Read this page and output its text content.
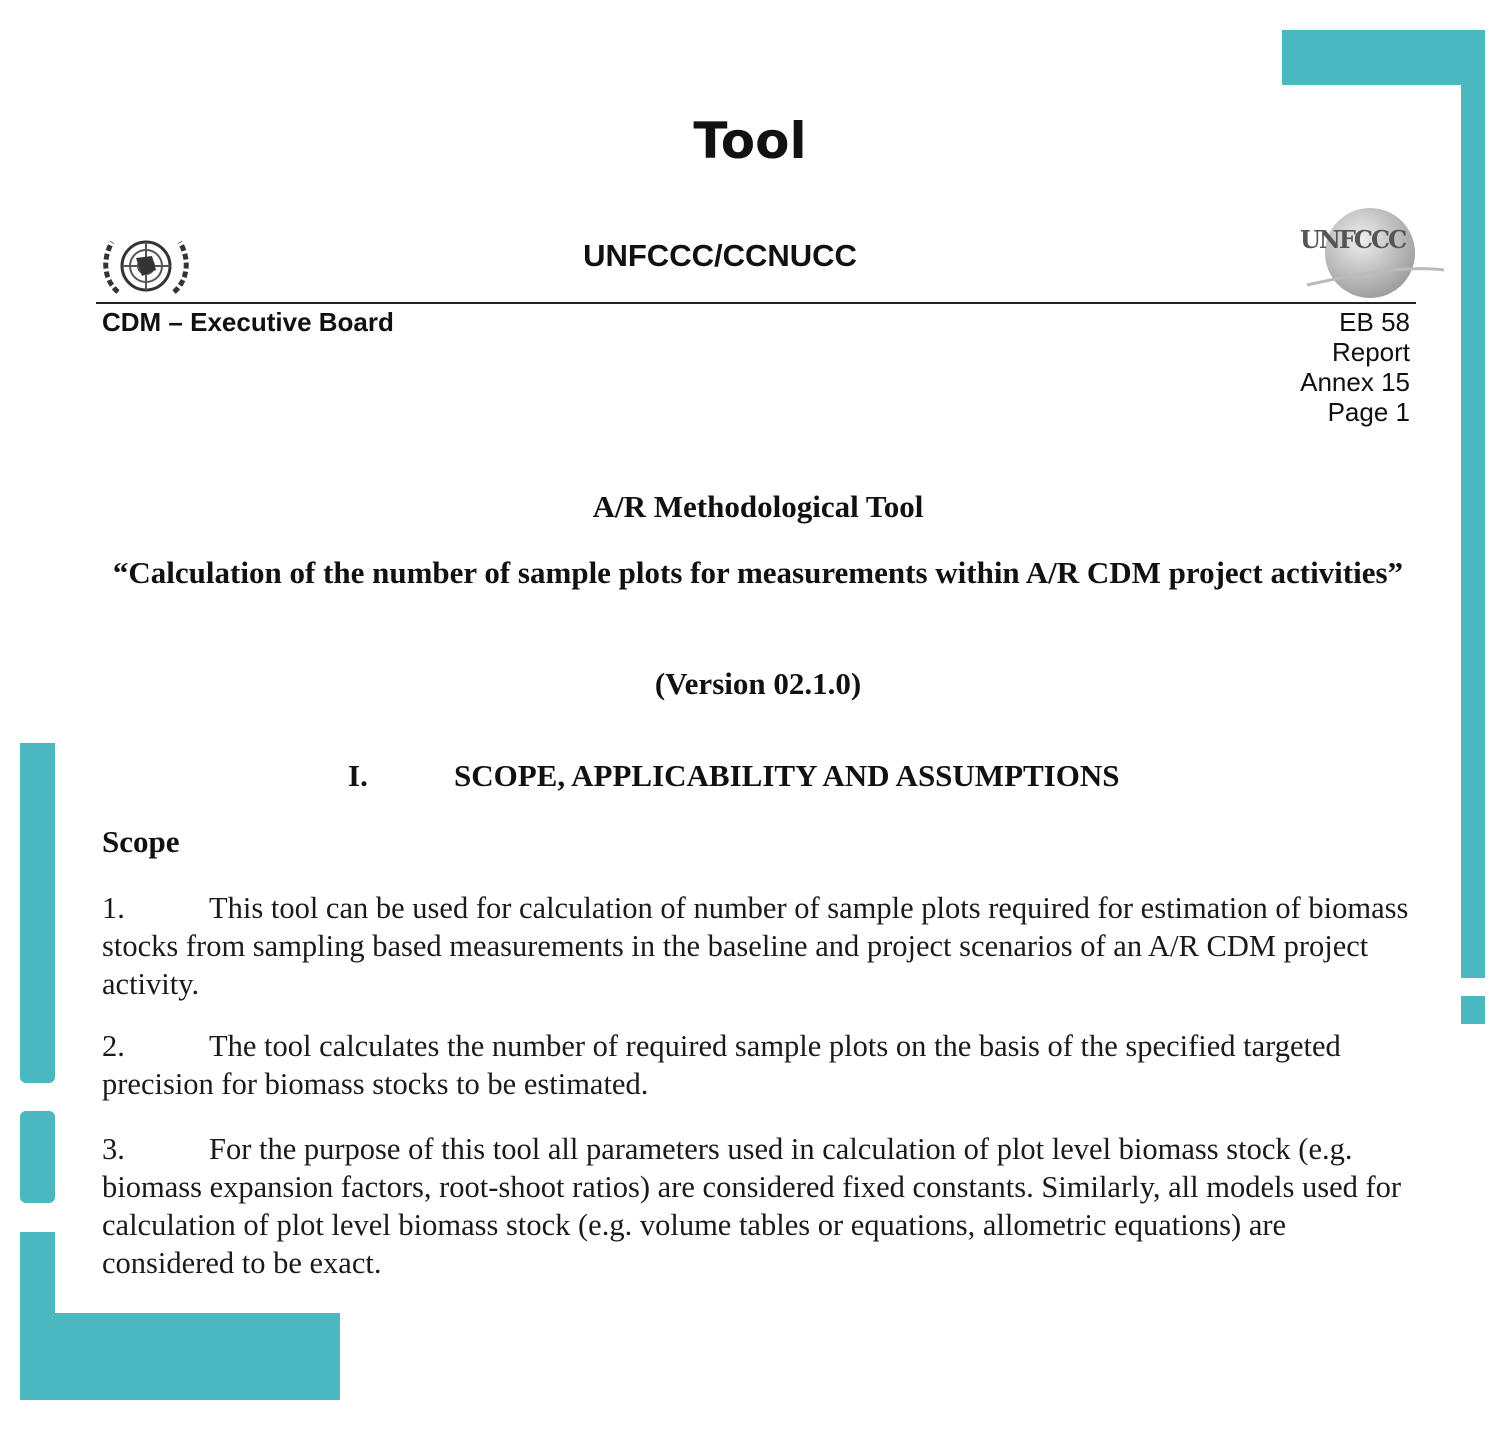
Tool
UNFCCC/CCNUCC	UNFCCC
CDM – Executive Board	EB 58
Report
Annex 15
Page 1
A/R Methodological Tool
“Calculation of the number of sample plots for measurements within A/R CDM project activities”
(Version 02.1.0)
I.	SCOPE, APPLICABILITY AND ASSUMPTIONS
Scope
1.	This tool can be used for calculation of number of sample plots required for estimation of biomass stocks from sampling based measurements in the baseline and project scenarios of an A/R CDM project activity.
2.	The tool calculates the number of required sample plots on the basis of the specified targeted precision for biomass stocks to be estimated.
3.	For the purpose of this tool all parameters used in calculation of plot level biomass stock (e.g. biomass expansion factors, root-shoot ratios) are considered fixed constants. Similarly, all models used for calculation of plot level biomass stock (e.g. volume tables or equations, allometric equations) are considered to be exact.
